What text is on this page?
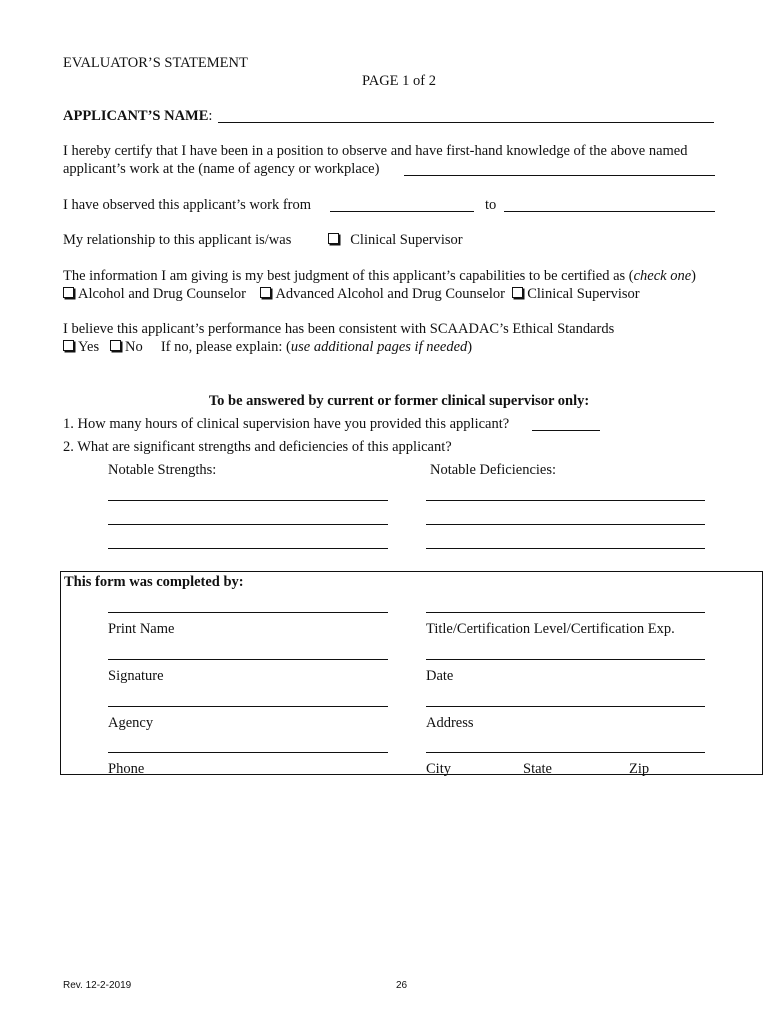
EVALUATOR’S STATEMENT
PAGE 1 of 2
APPLICANT’S NAME:
I hereby certify that I have been in a position to observe and have first-hand knowledge of the above named
applicant’s work at the (name of agency or workplace)
I have observed this applicant’s work from	to
My relationship to this applicant is/was	Clinical Supervisor
The information I am giving is my best judgment of this applicant’s capabilities to be certified as (check one)
Alcohol and Drug Counselor Advanced Alcohol and Drug Counselor Clinical Supervisor
I believe this applicant’s performance has been consistent with SCAADAC’s Ethical Standards
Yes No If no, please explain: (use additional pages if needed)
To be answered by current or former clinical supervisor only:
1. How many hours of clinical supervision have you provided this applicant?
2. What are significant strengths and deficiencies of this applicant?
Notable Strengths:	Notable Deficiencies:
This form was completed by:
Print Name	Title/Certification Level/Certification Exp.
Signature	Date
Agency	Address
Phone	City	State	Zip
Rev. 12-2-2019	26
